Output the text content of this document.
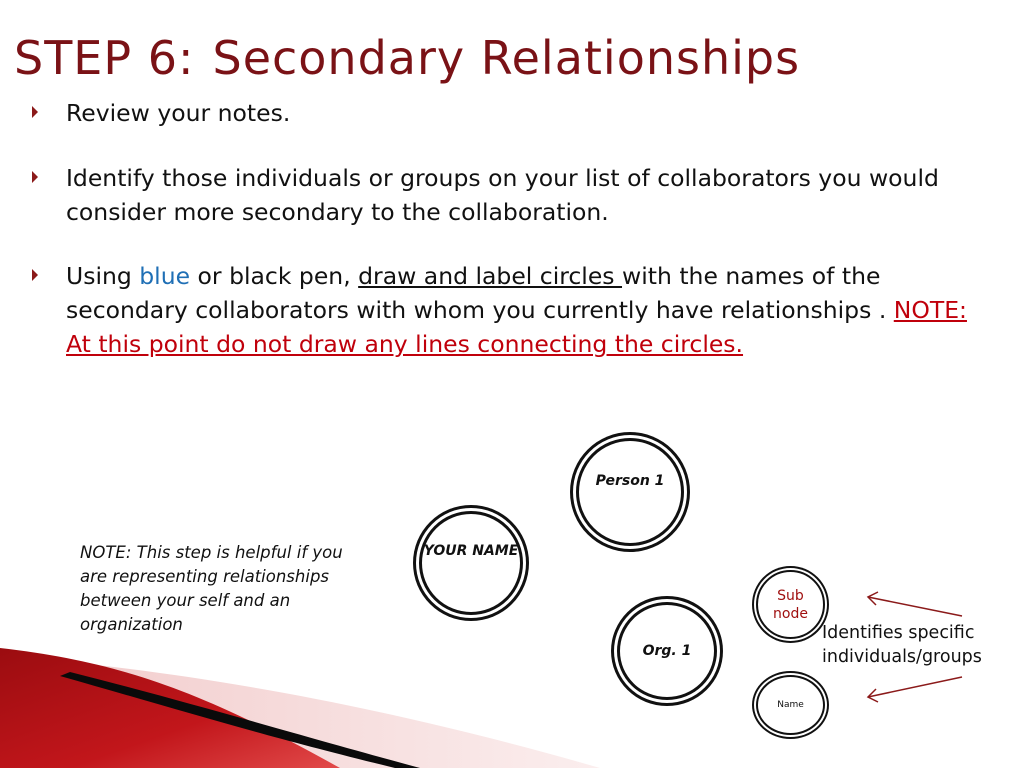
STEP 6: Secondary Relationships
Review your notes.
Identify those individuals or groups on your list of collaborators you would consider more secondary to the collaboration.
Using blue or black pen, draw and label circles with the names of the secondary collaborators with whom you currently have relationships . NOTE: At this point do not draw any lines connecting the circles.
NOTE: This step is helpful if you are representing relationships between your self and an organization
Person 1
YOUR NAME
Org. 1
Sub node
Name
Identifies specific individuals/groups
